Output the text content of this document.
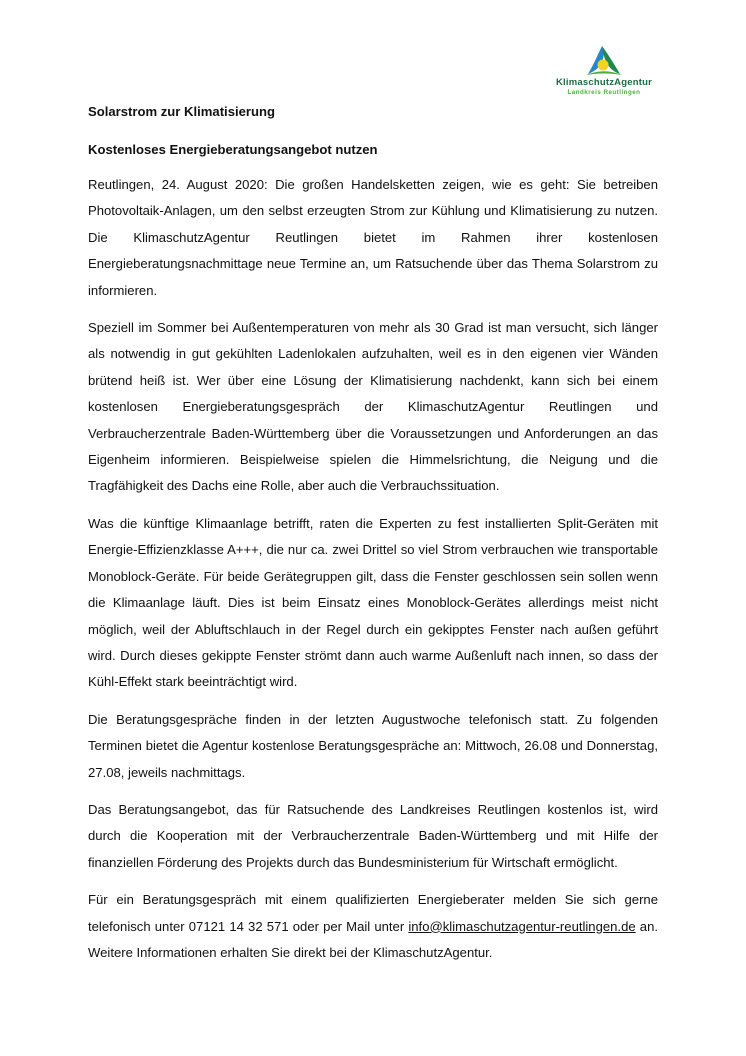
KlimaschutzAgentur
Landkreis Reutlingen
Solarstrom zur Klimatisierung
Kostenloses Energieberatungsangebot nutzen

Reutlingen, 24. August 2020: Die großen Handelsketten zeigen, wie es geht: Sie betreiben Photovoltaik-Anlagen, um den selbst erzeugten Strom zur Kühlung und Klimatisierung zu nutzen. Die KlimaschutzAgentur Reutlingen bietet im Rahmen ihrer kostenlosen Energieberatungsnachmittage neue Termine an, um Ratsuchende über das Thema Solarstrom zu informieren.

Speziell im Sommer bei Außentemperaturen von mehr als 30 Grad ist man versucht, sich länger als notwendig in gut gekühlten Ladenlokalen aufzuhalten, weil es in den eigenen vier Wänden brütend heiß ist. Wer über eine Lösung der Klimatisierung nachdenkt, kann sich bei einem kostenlosen Energieberatungsgespräch der KlimaschutzAgentur Reutlingen und Verbraucherzentrale Baden-Württemberg über die Voraussetzungen und Anforderungen an das Eigenheim informieren. Beispielweise spielen die Himmelsrichtung, die Neigung und die Tragfähigkeit des Dachs eine Rolle, aber auch die Verbrauchssituation.

Was die künftige Klimaanlage betrifft, raten die Experten zu fest installierten Split-Geräten mit Energie-Effizienzklasse A+++, die nur ca. zwei Drittel so viel Strom verbrauchen wie transportable Monoblock-Geräte. Für beide Gerätegruppen gilt, dass die Fenster geschlossen sein sollen wenn die Klimaanlage läuft. Dies ist beim Einsatz eines Monoblock-Gerätes allerdings meist nicht möglich, weil der Abluftschlauch in der Regel durch ein gekipptes Fenster nach außen geführt wird. Durch dieses gekippte Fenster strömt dann auch warme Außenluft nach innen, so dass der Kühl-Effekt stark beeinträchtigt wird.

Die Beratungsgespräche finden in der letzten Augustwoche telefonisch statt. Zu folgenden Terminen bietet die Agentur kostenlose Beratungsgespräche an: Mittwoch, 26.08 und Donnerstag, 27.08, jeweils nachmittags.

Das Beratungsangebot, das für Ratsuchende des Landkreises Reutlingen kostenlos ist, wird durch die Kooperation mit der Verbraucherzentrale Baden-Württemberg und mit Hilfe der finanziellen Förderung des Projekts durch das Bundesministerium für Wirtschaft ermöglicht.

Für ein Beratungsgespräch mit einem qualifizierten Energieberater melden Sie sich gerne telefonisch unter 07121 14 32 571 oder per Mail unter info@klimaschutzagentur-reutlingen.de an. Weitere Informationen erhalten Sie direkt bei der KlimaschutzAgentur.
